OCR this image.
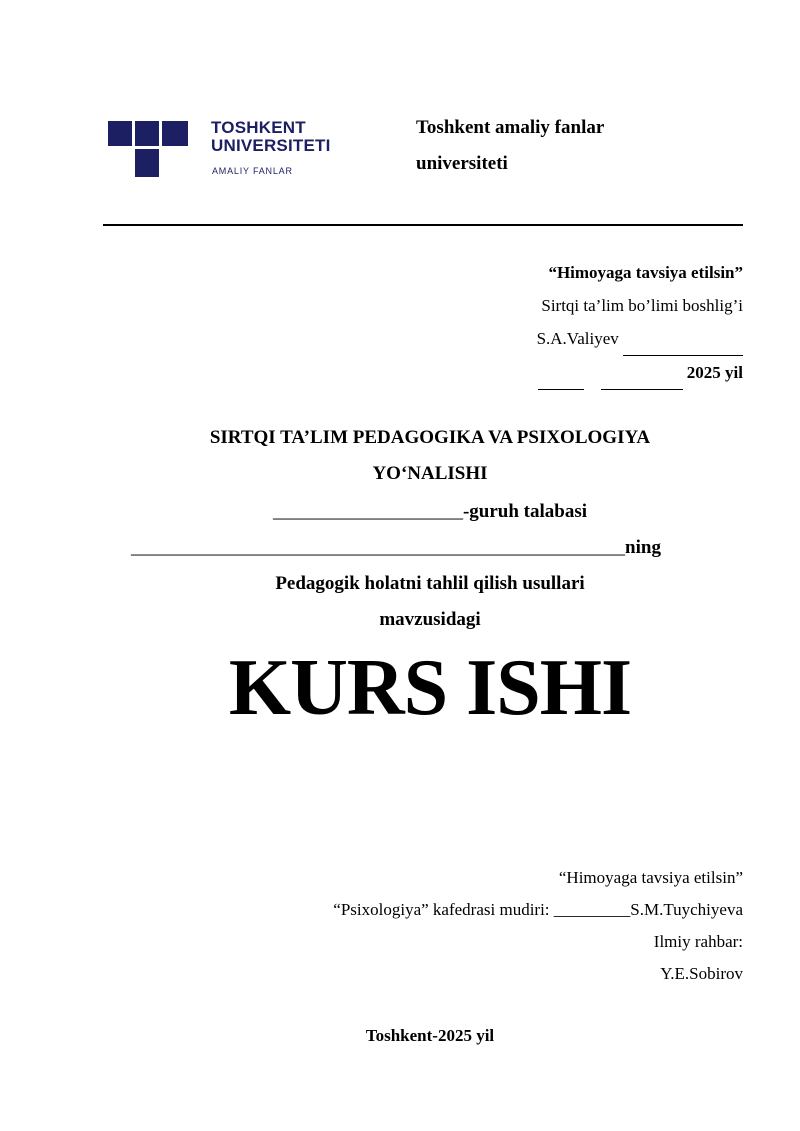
TOSHKENT
UNIVERSITETI
AMALIY FANLAR
Toshkent amaliy fanlar
universiteti
“Himoyaga tavsiya etilsin”
Sirtqi ta’lim bo’limi boshlig’i
S.A.Valiyev
2025 yil
SIRTQI TA’LIM PEDAGOGIKA VA PSIXOLOGIYA
YO‘NALISHI
____________________-guruh talabasi
____________________________________________________ning
Pedagogik holatni tahlil qilish usullari
mavzusidagi
KURS ISHI
“Himoyaga tavsiya etilsin”
“Psixologiya” kafedrasi mudiri: _________S.M.Tuychiyeva
Ilmiy rahbar:
Y.E.Sobirov
Toshkent-2025 yil
